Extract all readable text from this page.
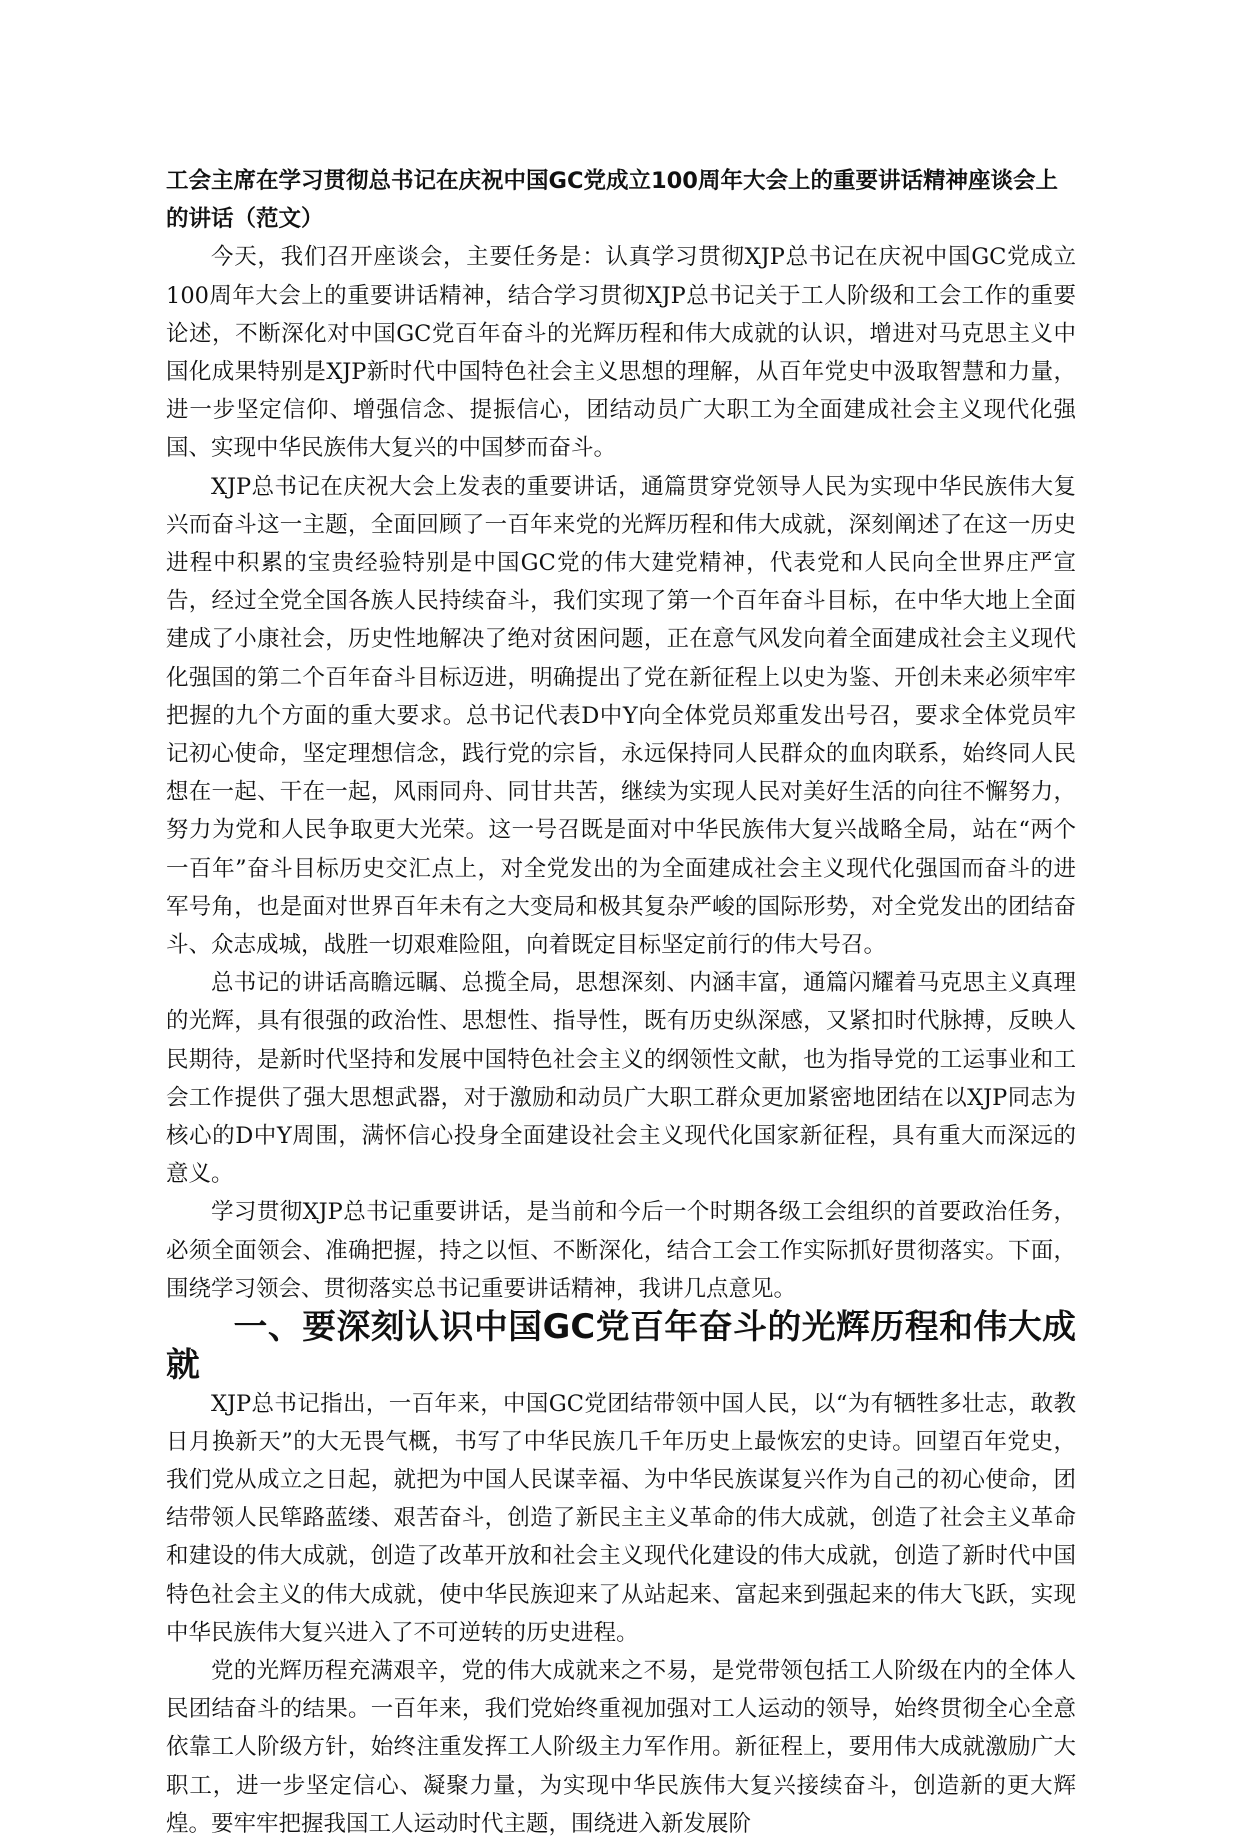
工会主席在学习贯彻总书记在庆祝中国GC党成立100周年大会上的重要讲话精神座谈会上的讲话（范文）

今天，我们召开座谈会，主要任务是：认真学习贯彻XJP总书记在庆祝中国GC党成立100周年大会上的重要讲话精神，结合学习贯彻XJP总书记关于工人阶级和工会工作的重要论述，不断深化对中国GC党百年奋斗的光辉历程和伟大成就的认识，增进对马克思主义中国化成果特别是XJP新时代中国特色社会主义思想的理解，从百年党史中汲取智慧和力量，进一步坚定信仰、增强信念、提振信心，团结动员广大职工为全面建成社会主义现代化强国、实现中华民族伟大复兴的中国梦而奋斗。

XJP总书记在庆祝大会上发表的重要讲话，通篇贯穿党领导人民为实现中华民族伟大复兴而奋斗这一主题，全面回顾了一百年来党的光辉历程和伟大成就，深刻阐述了在这一历史进程中积累的宝贵经验特别是中国GC党的伟大建党精神，代表党和人民向全世界庄严宣告，经过全党全国各族人民持续奋斗，我们实现了第一个百年奋斗目标，在中华大地上全面建成了小康社会，历史性地解决了绝对贫困问题，正在意气风发向着全面建成社会主义现代化强国的第二个百年奋斗目标迈进，明确提出了党在新征程上以史为鉴、开创未来必须牢牢把握的九个方面的重大要求。总书记代表D中Y向全体党员郑重发出号召，要求全体党员牢记初心使命，坚定理想信念，践行党的宗旨，永远保持同人民群众的血肉联系，始终同人民想在一起、干在一起，风雨同舟、同甘共苦，继续为实现人民对美好生活的向往不懈努力，努力为党和人民争取更大光荣。这一号召既是面对中华民族伟大复兴战略全局，站在“两个一百年”奋斗目标历史交汇点上，对全党发出的为全面建成社会主义现代化强国而奋斗的进军号角，也是面对世界百年未有之大变局和极其复杂严峻的国际形势，对全党发出的团结奋斗、众志成城，战胜一切艰难险阻，向着既定目标坚定前行的伟大号召。

总书记的讲话高瞻远瞩、总揽全局，思想深刻、内涵丰富，通篇闪耀着马克思主义真理的光辉，具有很强的政治性、思想性、指导性，既有历史纵深感，又紧扣时代脉搏，反映人民期待，是新时代坚持和发展中国特色社会主义的纲领性文献，也为指导党的工运事业和工会工作提供了强大思想武器，对于激励和动员广大职工群众更加紧密地团结在以XJP同志为核心的D中Y周围，满怀信心投身全面建设社会主义现代化国家新征程，具有重大而深远的意义。

学习贯彻XJP总书记重要讲话，是当前和今后一个时期各级工会组织的首要政治任务，必须全面领会、准确把握，持之以恒、不断深化，结合工会工作实际抓好贯彻落实。下面，围绕学习领会、贯彻落实总书记重要讲话精神，我讲几点意见。

一、要深刻认识中国GC党百年奋斗的光辉历程和伟大成就

XJP总书记指出，一百年来，中国GC党团结带领中国人民，以“为有牺牲多壮志，敢教日月换新天”的大无畏气概，书写了中华民族几千年历史上最恢宏的史诗。回望百年党史，我们党从成立之日起，就把为中国人民谋幸福、为中华民族谋复兴作为自己的初心使命，团结带领人民筚路蓝缕、艰苦奋斗，创造了新民主主义革命的伟大成就，创造了社会主义革命和建设的伟大成就，创造了改革开放和社会主义现代化建设的伟大成就，创造了新时代中国特色社会主义的伟大成就，使中华民族迎来了从站起来、富起来到强起来的伟大飞跃，实现中华民族伟大复兴进入了不可逆转的历史进程。

党的光辉历程充满艰辛，党的伟大成就来之不易，是党带领包括工人阶级在内的全体人民团结奋斗的结果。一百年来，我们党始终重视加强对工人运动的领导，始终贯彻全心全意依靠工人阶级方针，始终注重发挥工人阶级主力军作用。新征程上，要用伟大成就激励广大职工，进一步坚定信心、凝聚力量，为实现中华民族伟大复兴接续奋斗，创造新的更大辉煌。要牢牢把握我国工人运动时代主题，围绕进入新发展阶
